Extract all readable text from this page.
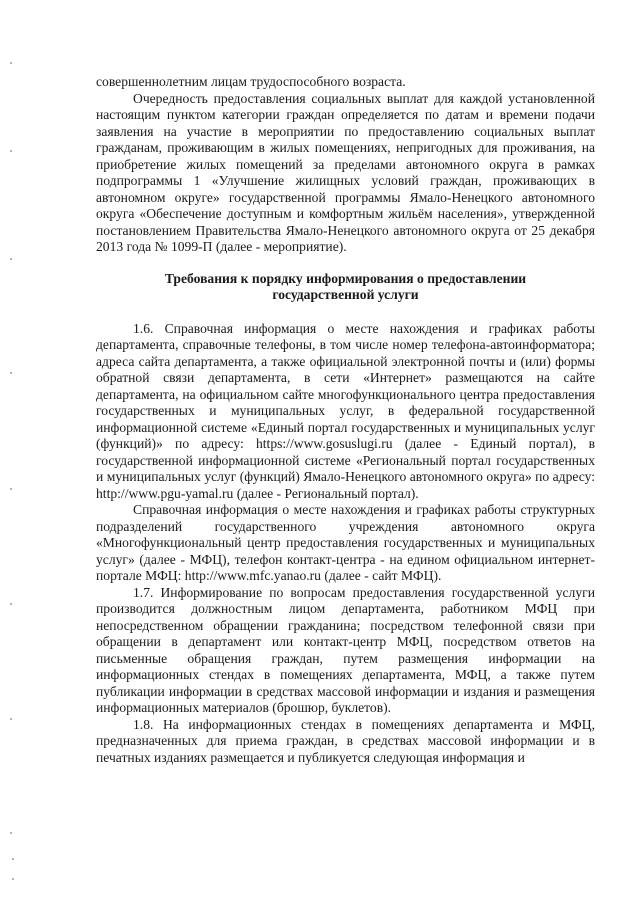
совершеннолетним лицам трудоспособного возраста.

Очередность предоставления социальных выплат для каждой установленной настоящим пунктом категории граждан определяется по датам и времени подачи заявления на участие в мероприятии по предоставлению социальных выплат гражданам, проживающим в жилых помещениях, непригодных для проживания, на приобретение жилых помещений за пределами автономного округа в рамках подпрограммы 1 «Улучшение жилищных условий граждан, проживающих в автономном округе» государственной программы Ямало-Ненецкого автономного округа «Обеспечение доступным и комфортным жильём населения», утвержденной постановлением Правительства Ямало-Ненецкого автономного округа от 25 декабря 2013 года № 1099-П (далее - мероприятие).

Требования к порядку информирования о предоставлении государственной услуги

1.6. Справочная информация о месте нахождения и графиках работы департамента, справочные телефоны, в том числе номер телефона-автоинформатора; адреса сайта департамента, а также официальной электронной почты и (или) формы обратной связи департамента, в сети «Интернет» размещаются на сайте департамента, на официальном сайте многофункционального центра предоставления государственных и муниципальных услуг, в федеральной государственной информационной системе «Единый портал государственных и муниципальных услуг (функций)» по адресу: https://www.gosuslugi.ru (далее - Единый портал), в государственной информационной системе «Региональный портал государственных и муниципальных услуг (функций) Ямало-Ненецкого автономного округа» по адресу: http://www.pgu-yamal.ru (далее - Региональный портал).

Справочная информация о месте нахождения и графиках работы структурных подразделений государственного учреждения автономного округа «Многофункциональный центр предоставления государственных и муниципальных услуг» (далее - МФЦ), телефон контакт-центра - на едином официальном интернет-портале МФЦ: http://www.mfc.yanao.ru (далее - сайт МФЦ).

1.7. Информирование по вопросам предоставления государственной услуги производится должностным лицом департамента, работником МФЦ при непосредственном обращении гражданина; посредством телефонной связи при обращении в департамент или контакт-центр МФЦ, посредством ответов на письменные обращения граждан, путем размещения информации на информационных стендах в помещениях департамента, МФЦ, а также путем публикации информации в средствах массовой информации и издания и размещения информационных материалов (брошюр, буклетов).

1.8. На информационных стендах в помещениях департамента и МФЦ, предназначенных для приема граждан, в средствах массовой информации и в печатных изданиях размещается и публикуется следующая информация и
